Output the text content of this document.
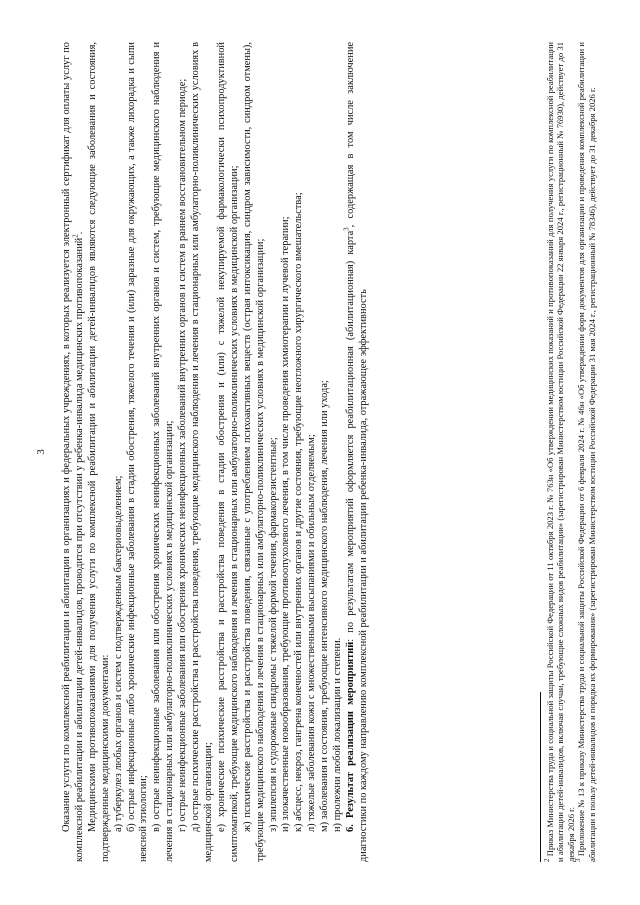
3 Оказание услуги по комплексной реабилитации и абилитации в организациях и федеральных учреждениях, в которых реализуется электронный сертификат для оплаты услуг по комплексной реабилитации и абилитации детей-инвалидов, проводится при отсутствии у ребенка-инвалида медицинских противопоказаний$^2$. Медицинскими противопоказаниями для получения услуги по комплексной реабилитации и абилитации детей-инвалидов являются следующие заболевания и состояния, подтвержденные медицинскими документами: а) туберкулез любых органов и систем с подтвержденным бактериовыделением; б) острые инфекционные либо хронические инфекционные заболевания в стадии обострения, тяжелого течения и (или) заразные для окружающих, а также лихорадка и сыпи неясной этиологии; в) острые неинфекционные заболевания или обострения хронических неинфекционных заболеваний внутренних органов и систем, требующие медицинского наблюдения и лечения в стационарных или амбулаторно-поликлинических условиях в медицинской организации; г) острые неинфекционные заболевания или обострения хронических неинфекционных заболеваний внутренних органов и систем в раннем восстановительном периоде; д) острые психические расстройства и расстройства поведения, требующие медицинского наблюдения и лечения в стационарных или амбулаторно-поликлинических условиях в медицинской организации; е) хронические психические расстройства и расстройства поведения в стадии обострения и (или) с тяжелой некупируемой фармакологически психопродуктивной симптоматикой, требующие медицинского наблюдения и лечения в стационарных или амбулаторно-поликлинических условиях в медицинской организации; ж) психические расстройства и расстройства поведения, связанные с употреблением психоактивных веществ (острая интоксикация, синдром зависимости, синдром отмены), требующие медицинского наблюдения и лечения в стационарных или амбулаторно-поликлинических условиях в медицинской организации; з) эпилепсия и судорожные синдромы с тяжелой формой течения, фармакорезистентные; и) злокачественные новообразования, требующие противоопухолевого лечения, в том числе проведения химиотерапии и лучевой терапии; к) абсцесс, некроз, гангрена конечностей или внутренних органов и другие состояния, требующие неотложного хирургического вмешательства; л) тяжелые заболевания кожи с множественными высыпаниями и обильным отделяемым; м) заболевания и состояния, требующие интенсивного медицинского наблюдения, лечения или ухода; н) пролежни любой локализации и степени. 6. Результат реализации мероприятий: по результатам мероприятий оформляется реабилитационная (абилитационная) карта$^3$, содержащая в том числе заключение диагностики по каждому направлению комплексной реабилитации и абилитации ребенка-инвалида, отражающее эффективность	$^2$ Приказ Министерства труда и социальной защиты Российской Федерации от 11 октября 2023 г. № 763н «Об утверждении медицинских показаний и противопоказаний для получения услуги по комплексной реабилитации и абилитации детей-инвалидов, включая случаи, требующие сложных видов реабилитации» (зарегистрирован Министерством юстиции Российской Федерации 22 января 2024 г., регистрационный № 76930), действует до 31 декабря 2026 г.

$^3$ Приложение № 13 к приказу Министерства труда и социальной защиты Российской Федерации от 6 февраля 2024 г. № 46н «Об утверждении форм документов для организации и проведения комплексной реабилитации и абилитации в пользу детей-инвалидов и порядка их формирования» (зарегистрирован Министерством юстиции Российской Федерации 31 мая 2024 г., регистрационный № 78346), действует до 31 декабря 2026 г.
